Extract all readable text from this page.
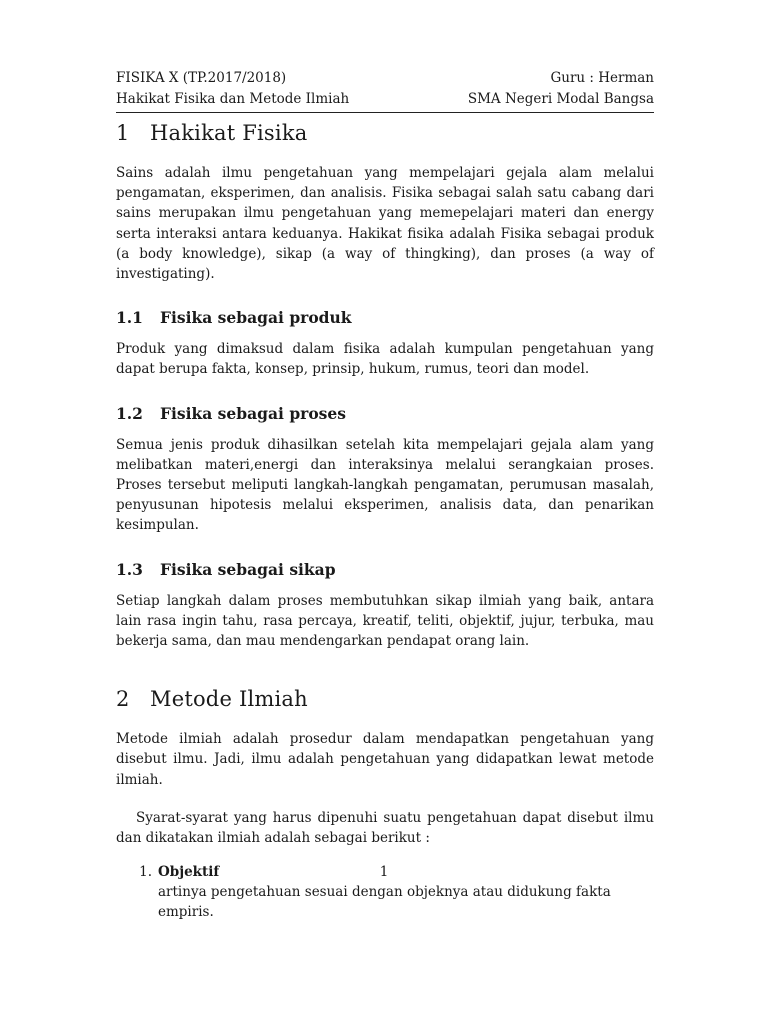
FISIKA X (TP.2017/2018)
Hakikat Fisika dan Metode Ilmiah
Guru : Herman
SMA Negeri Modal Bangsa
1 Hakikat Fisika

Sains adalah ilmu pengetahuan yang mempelajari gejala alam melalui pengamatan, eksperimen, dan analisis. Fisika sebagai salah satu cabang dari sains merupakan ilmu pengetahuan yang memepelajari materi dan energy serta interaksi antara keduanya. Hakikat fisika adalah Fisika sebagai produk (a body knowledge), sikap (a way of thingking), dan proses (a way of investigating).

1.1 Fisika sebagai produk

Produk yang dimaksud dalam fisika adalah kumpulan pengetahuan yang dapat berupa fakta, konsep, prinsip, hukum, rumus, teori dan model.

1.2 Fisika sebagai proses

Semua jenis produk dihasilkan setelah kita mempelajari gejala alam yang melibatkan materi,energi dan interaksinya melalui serangkaian proses. Proses tersebut meliputi langkah-langkah pengamatan, perumusan masalah, penyusunan hipotesis melalui eksperimen, analisis data, dan penarikan kesimpulan.

1.3 Fisika sebagai sikap

Setiap langkah dalam proses membutuhkan sikap ilmiah yang baik, antara lain rasa ingin tahu, rasa percaya, kreatif, teliti, objektif, jujur, terbuka, mau bekerja sama, dan mau mendengarkan pendapat orang lain.

2 Metode Ilmiah

Metode ilmiah adalah prosedur dalam mendapatkan pengetahuan yang disebut ilmu. Jadi, ilmu adalah pengetahuan yang didapatkan lewat metode ilmiah.

Syarat-syarat yang harus dipenuhi suatu pengetahuan dapat disebut ilmu dan dikatakan ilmiah adalah sebagai berikut :

1. Objektif
artinya pengetahuan sesuai dengan objeknya atau didukung fakta empiris.
1
